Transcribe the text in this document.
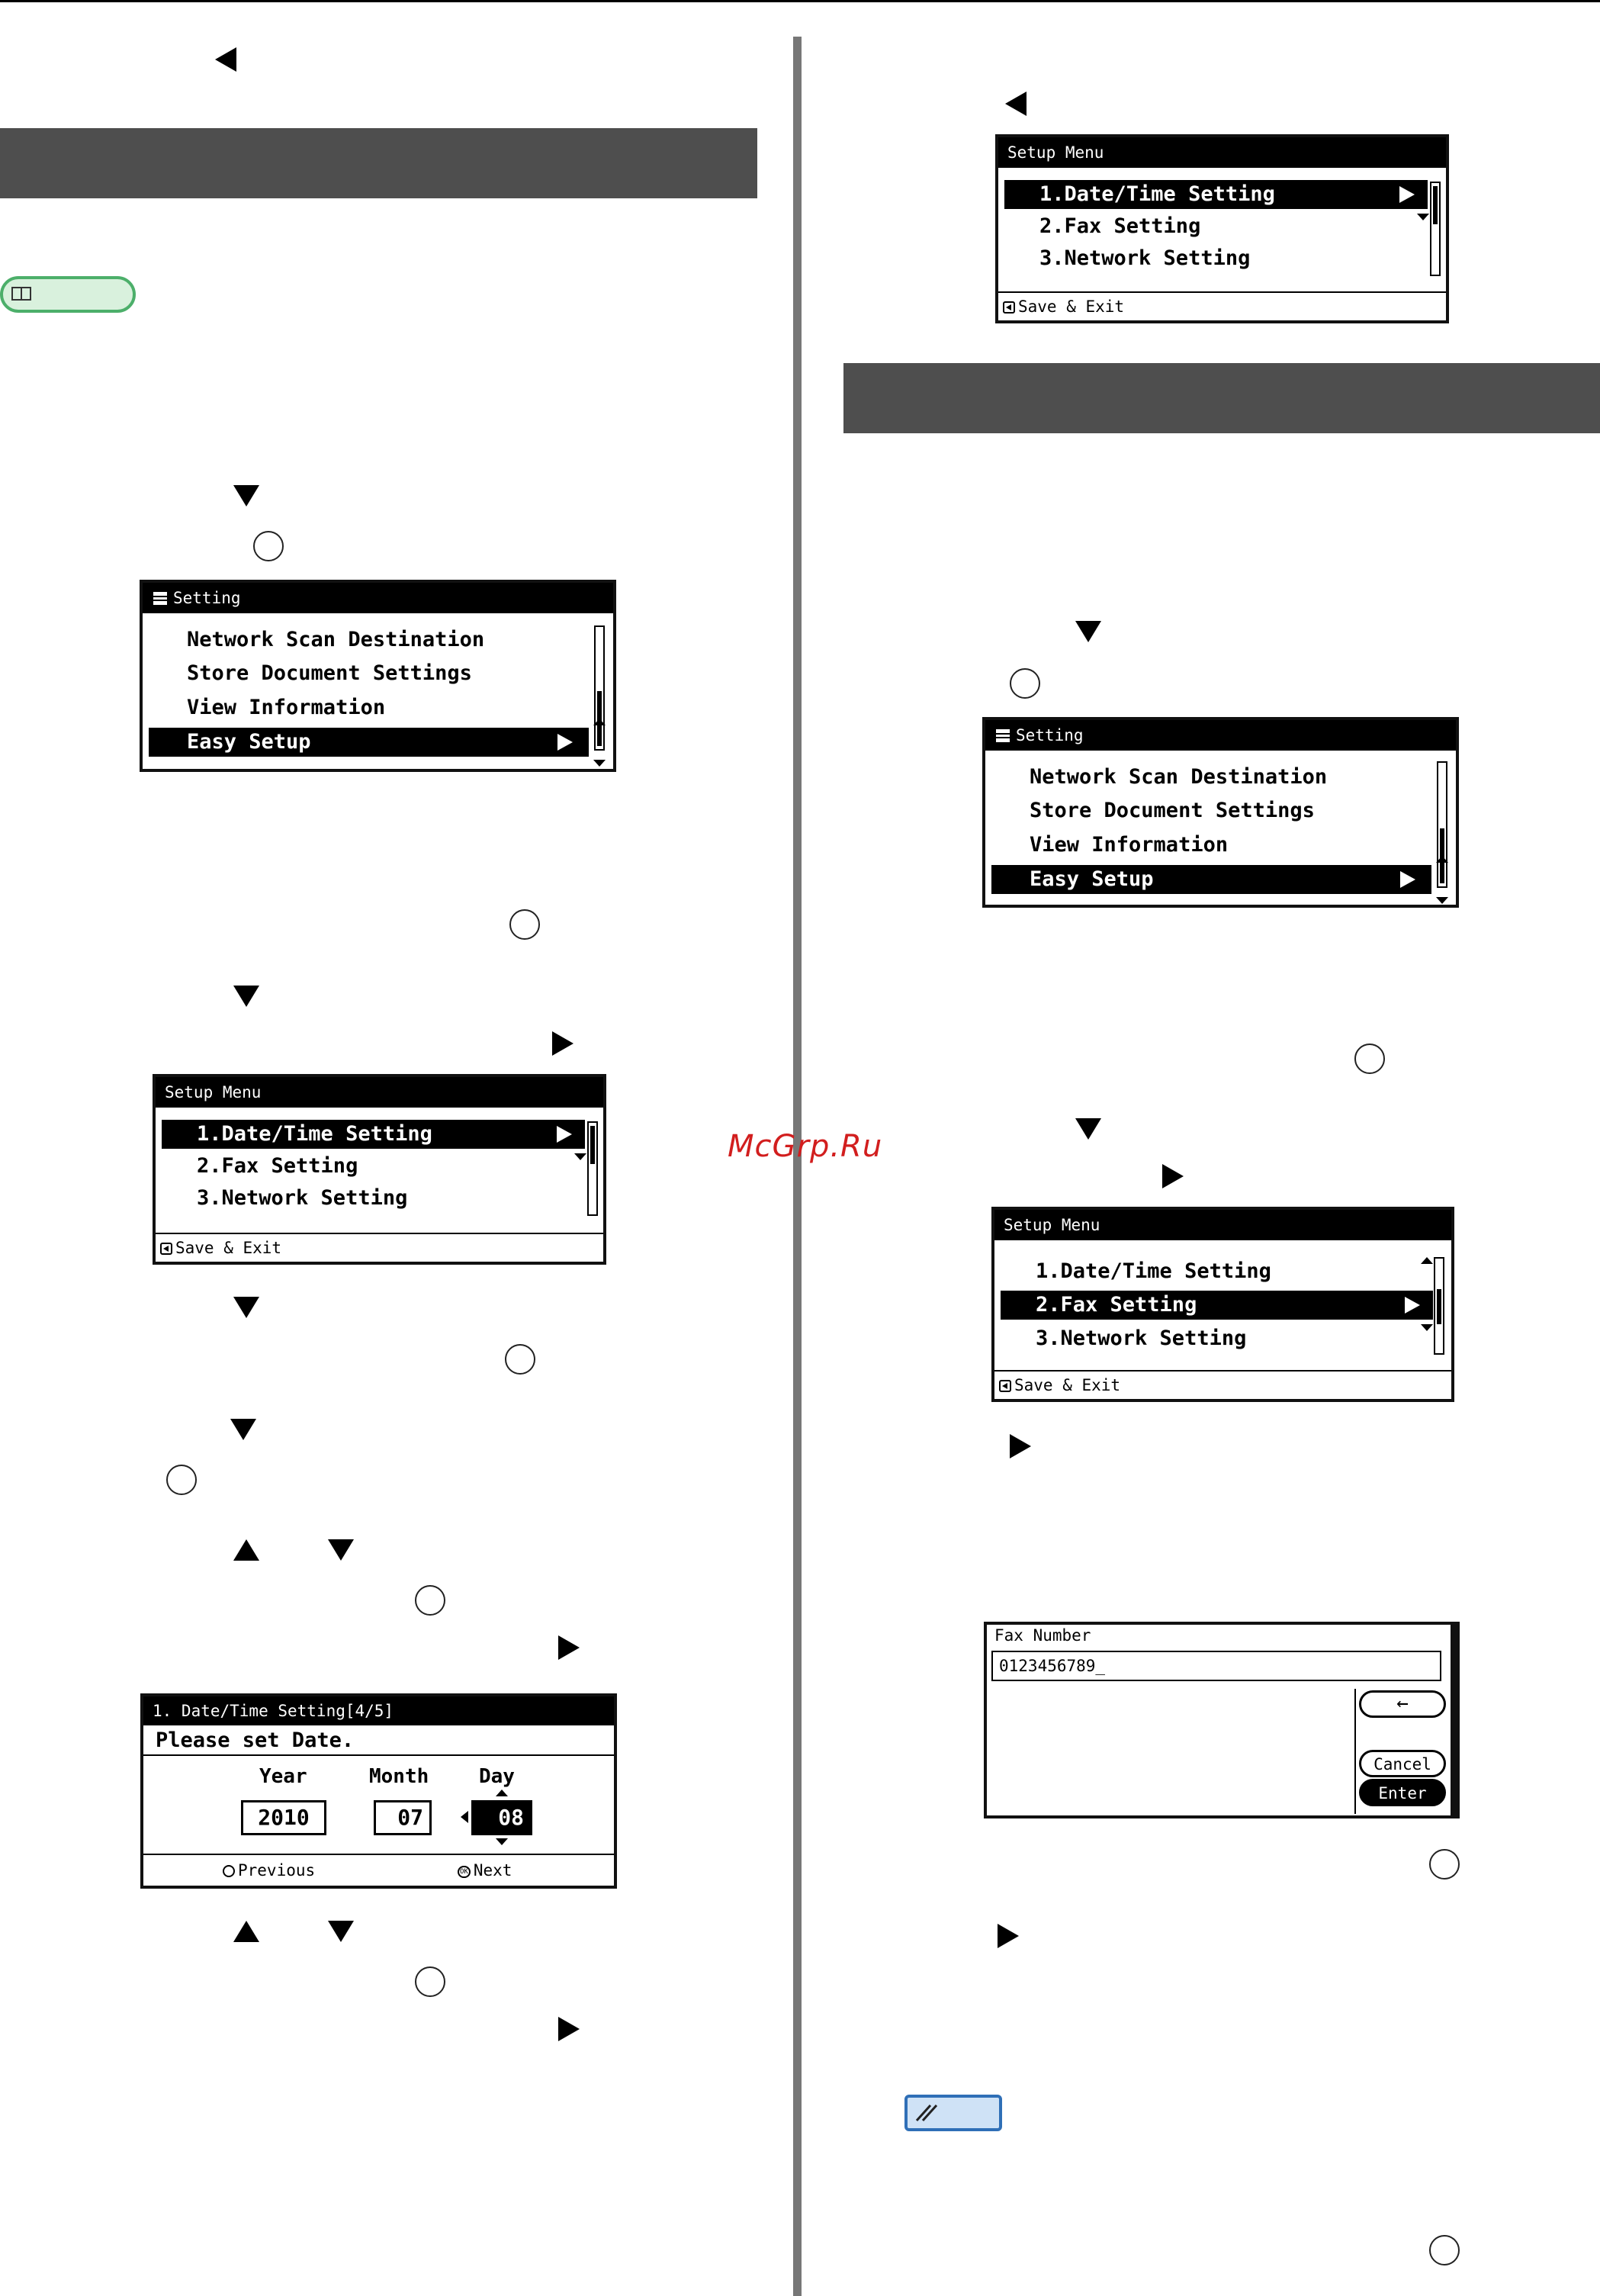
Setting
Network Scan Destination
Store Document Settings
View Information
Easy Setup
Setup Menu
1.Date/Time Setting
2.Fax Setting
3.Network Setting
Save & Exit
1. Date/Time Setting[4/5]
Please set Date.
Year	Month	Day
2010	07	08
Previous	OK Next
McGrp.Ru
Setup Menu
1.Date/Time Setting
2.Fax Setting
3.Network Setting
Save & Exit
Setting
Network Scan Destination
Store Document Settings
View Information
Easy Setup
Setup Menu
1.Date/Time Setting
2.Fax Setting
3.Network Setting
Save & Exit
Fax Number
0123456789_
←
Cancel
Enter
